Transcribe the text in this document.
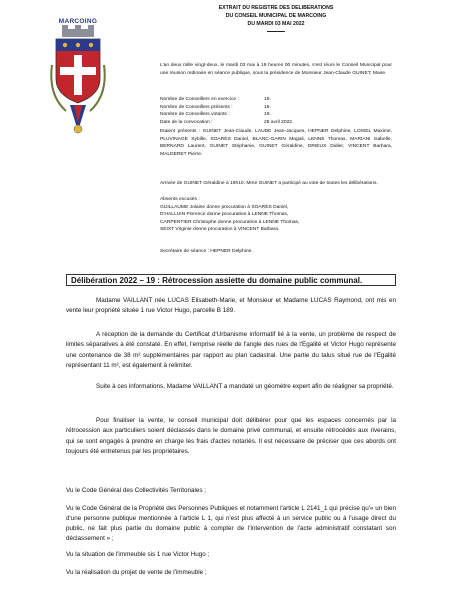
MARCOING
EXTRAIT DU REGISTRE DES DELIBERATIONS
DU CONSEIL MUNICIPAL DE MARCOING
DU MARDI 03 MAI 2022
L'an deux mille vingt-deux, le mardi 03 mai à 19 heures 00 minutes, s'est réuni le Conseil Municipal pour une réunion ordinaire en séance publique, sous la présidence de Monsieur Jean-Claude GUINET, Maire.
Nombre de Conseillers en exercice :	19.
Nombre de Conseillers présents :	15.
Nombre de Conseillers votants :	19.
Date de la convocation :	28 avril 2022.
Etaient présents : GUINET Jean-Claude, LAUDE Jean-Jacques, HEPNER Delphine, LOISEL Maxime, PLUVINAGE Sybille, SOARÈS Daniel, BLANC-GARIN Magali, LENNE Thomas, MARIANI Isabelle, BERNARD Laurent, GUINET Stéphanie, GUINET Géraldine, DRIEUX Didier, VINCENT Barbara, MALDERET Pierre.
Arrivée de GUINET Géraldine à 19h10. Mme GUINET a participé au vote de toutes les délibérations.
Absents excusés :
GUILLAUME Jolaine donne procuration à SOARÈS Daniel,
D'HALLUIN Florence donne procuration à LENNE Thomas,
CARPENTIER Christophe donne procuration à LENNE Thomas,
SEIXT Virginie donne procuration à VINCENT Barbara.
Secrétaire de séance : HEPNER Delphine.
Délibération 2022 – 19 : Rétrocession assiette du domaine public communal.
Madame VAILLANT née LUCAS Elisabeth-Marie, et Monsieur et Madame LUCAS Raymond, ont mis en vente leur propriété située 1 rue Victor Hugo, parcelle B 189.
A réception de la demande du Certificat d'Urbanisme informatif lié à la vente, un problème de respect de limites séparatives a été constaté. En effet, l'emprise réelle de l'angle des rues de l'Egalité et Victor Hugo représente une contenance de 38 m² supplémentaires par rapport au plan cadastral. Une partie du talus situé rue de l'Egalité représentant 11 m², est également à relimiter.
Suite à ces informations, Madame VAILLANT a mandaté un géomètre expert afin de réaligner sa propriété.
Pour finaliser la vente, le conseil municipal doit délibérer pour que les espaces concernés par la rétrocession aux particuliers soient déclassés dans le domaine privé communal, et ensuite rétrocédés aux riverains, qui se sont engagés à prendre en charge les frais d'actes notariés. Il est nécessaire de préciser que ces abords ont toujours été entretenus par les propriétaires.
Vu le Code Général des Collectivités Territoriales ;
Vu le Code Général de la Propriété des Personnes Publiques et notamment l'article L 2141_1 qui précise qu'« un bien d'une personne publique mentionnée à l'article L 1, qui n'est plus affecté à un service public ou à l'usage direct du public, ne fait plus partie du domaine public à compter de l'intervention de l'acte administratif constatant son déclassement » ;
Vu la situation de l'immeuble sis 1 rue Victor Hugo ;
Vu la réalisation du projet de vente de l'immeuble ;
